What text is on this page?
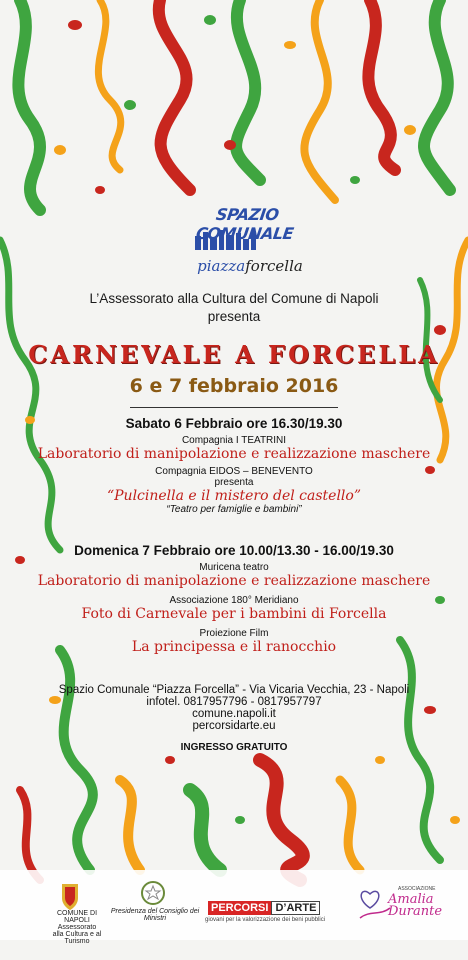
SPAZIO COMUNALE
piazzaforcella
L’Assessorato alla Cultura del Comune di Napoli
presenta
CARNEVALE A FORCELLA
6 e 7 febbraio 2016
Sabato 6 Febbraio ore 16.30/19.30
Compagnia I TEATRINI
Laboratorio di manipolazione e realizzazione maschere
Compagnia EIDOS – BENEVENTO
presenta
“Pulcinella e il mistero del castello”
“Teatro per famiglie e bambini”
Domenica 7 Febbraio ore 10.00/13.30 - 16.00/19.30
Muricena teatro
Laboratorio di manipolazione e realizzazione maschere
Associazione 180° Meridiano
Foto di Carnevale per i bambini di Forcella
Proiezione Film
La principessa e il ranocchio
Spazio Comunale “Piazza Forcella” - Via Vicaria Vecchia, 23 - Napoli
infotel. 0817957796 - 0817957797
comune.napoli.it
percorsidarte.eu
INGRESSO GRATUITO
COMUNE DI NAPOLI
Assessorato alla Cultura e al Turismo
Presidenza del Consiglio dei Ministri
PERCORSI D’ARTE
giovani per la valorizzazione dei beni pubblici
ASSOCIAZIONE
Amalia
Durante
